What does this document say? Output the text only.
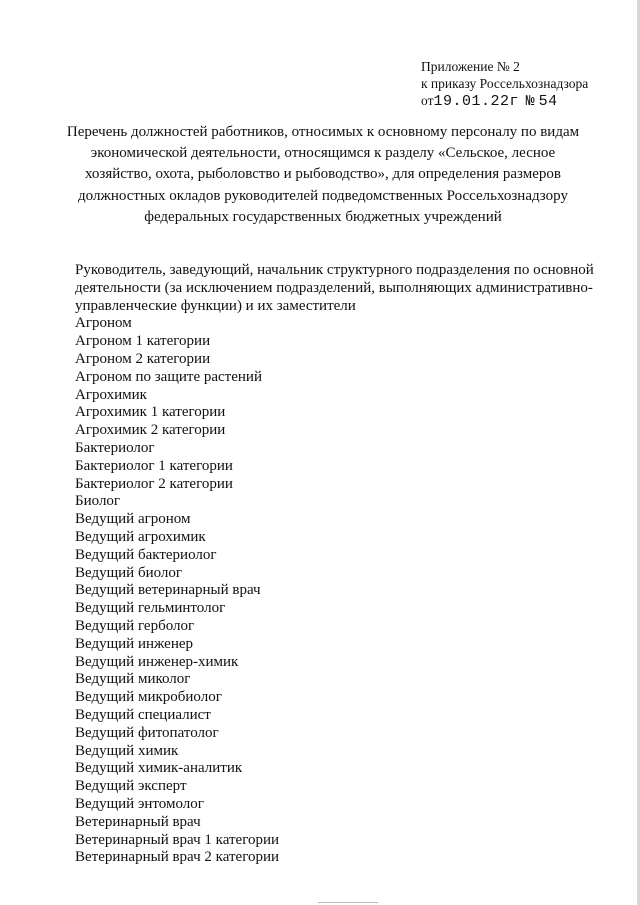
Приложение № 2
к приказу Россельхознадзора
от19.01.22г № 54
Перечень должностей работников, относимых к основному персоналу по видам экономической деятельности, относящимся к разделу «Сельское, лесное хозяйство, охота, рыболовство и рыбоводство», для определения размеров должностных окладов руководителей подведомственных Россельхознадзору федеральных государственных бюджетных учреждений

Руководитель, заведующий, начальник структурного подразделения по основной деятельности (за исключением подразделений, выполняющих административно-управленческие функции) и их заместители

Агроном
Агроном 1 категории
Агроном 2 категории
Агроном по защите растений
Агрохимик
Агрохимик 1 категории
Агрохимик 2 категории
Бактериолог
Бактериолог 1 категории
Бактериолог 2 категории
Биолог
Ведущий агроном
Ведущий агрохимик
Ведущий бактериолог
Ведущий биолог
Ведущий ветеринарный врач
Ведущий гельминтолог
Ведущий герболог
Ведущий инженер
Ведущий инженер-химик
Ведущий миколог
Ведущий микробиолог
Ведущий специалист
Ведущий фитопатолог
Ведущий химик
Ведущий химик-аналитик
Ведущий эксперт
Ведущий энтомолог
Ветеринарный врач
Ветеринарный врач 1 категории
Ветеринарный врач 2 категории
